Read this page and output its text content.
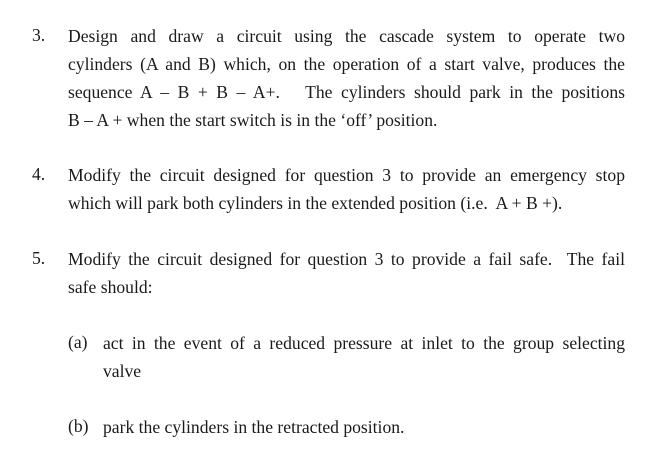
3. Design and draw a circuit using the cascade system to operate two
cylinders (A and B) which, on the operation of a start valve, produces the
sequence A – B + B – A+.   The cylinders should park in the positions
B – A + when the start switch is in the ‘off’ position.
4. Modify the circuit designed for question 3 to provide an emergency stop
which will park both cylinders in the extended position (i.e.  A + B +).
5. Modify the circuit designed for question 3 to provide a fail safe.  The fail
safe should:
(a) act in the event of a reduced pressure at inlet to the group selecting
valve
(b) park the cylinders in the retracted position.
